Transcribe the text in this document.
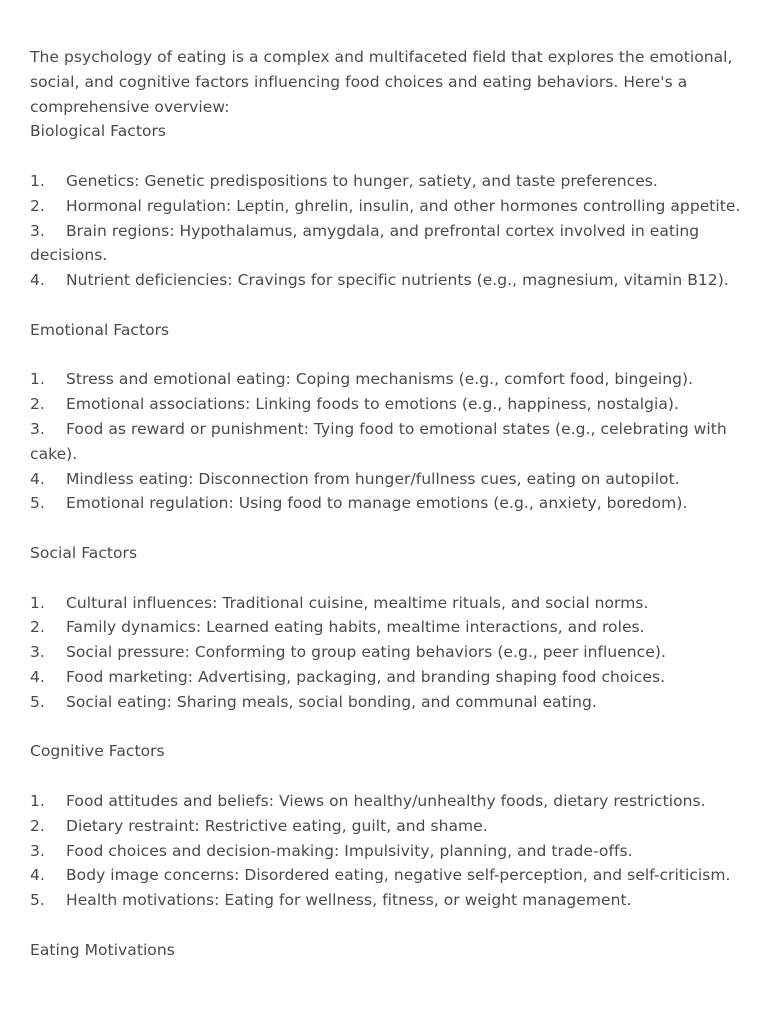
The psychology of eating is a complex and multifaceted field that explores the emotional, social, and cognitive factors influencing food choices and eating behaviors. Here's a comprehensive overview:
Biological Factors
1. Genetics: Genetic predispositions to hunger, satiety, and taste preferences.
2. Hormonal regulation: Leptin, ghrelin, insulin, and other hormones controlling appetite.
3. Brain regions: Hypothalamus, amygdala, and prefrontal cortex involved in eating decisions.
4. Nutrient deficiencies: Cravings for specific nutrients (e.g., magnesium, vitamin B12).
Emotional Factors
1. Stress and emotional eating: Coping mechanisms (e.g., comfort food, bingeing).
2. Emotional associations: Linking foods to emotions (e.g., happiness, nostalgia).
3. Food as reward or punishment: Tying food to emotional states (e.g., celebrating with cake).
4. Mindless eating: Disconnection from hunger/fullness cues, eating on autopilot.
5. Emotional regulation: Using food to manage emotions (e.g., anxiety, boredom).
Social Factors
1. Cultural influences: Traditional cuisine, mealtime rituals, and social norms.
2. Family dynamics: Learned eating habits, mealtime interactions, and roles.
3. Social pressure: Conforming to group eating behaviors (e.g., peer influence).
4. Food marketing: Advertising, packaging, and branding shaping food choices.
5. Social eating: Sharing meals, social bonding, and communal eating.
Cognitive Factors
1. Food attitudes and beliefs: Views on healthy/unhealthy foods, dietary restrictions.
2. Dietary restraint: Restrictive eating, guilt, and shame.
3. Food choices and decision-making: Impulsivity, planning, and trade-offs.
4. Body image concerns: Disordered eating, negative self-perception, and self-criticism.
5. Health motivations: Eating for wellness, fitness, or weight management.
Eating Motivations
